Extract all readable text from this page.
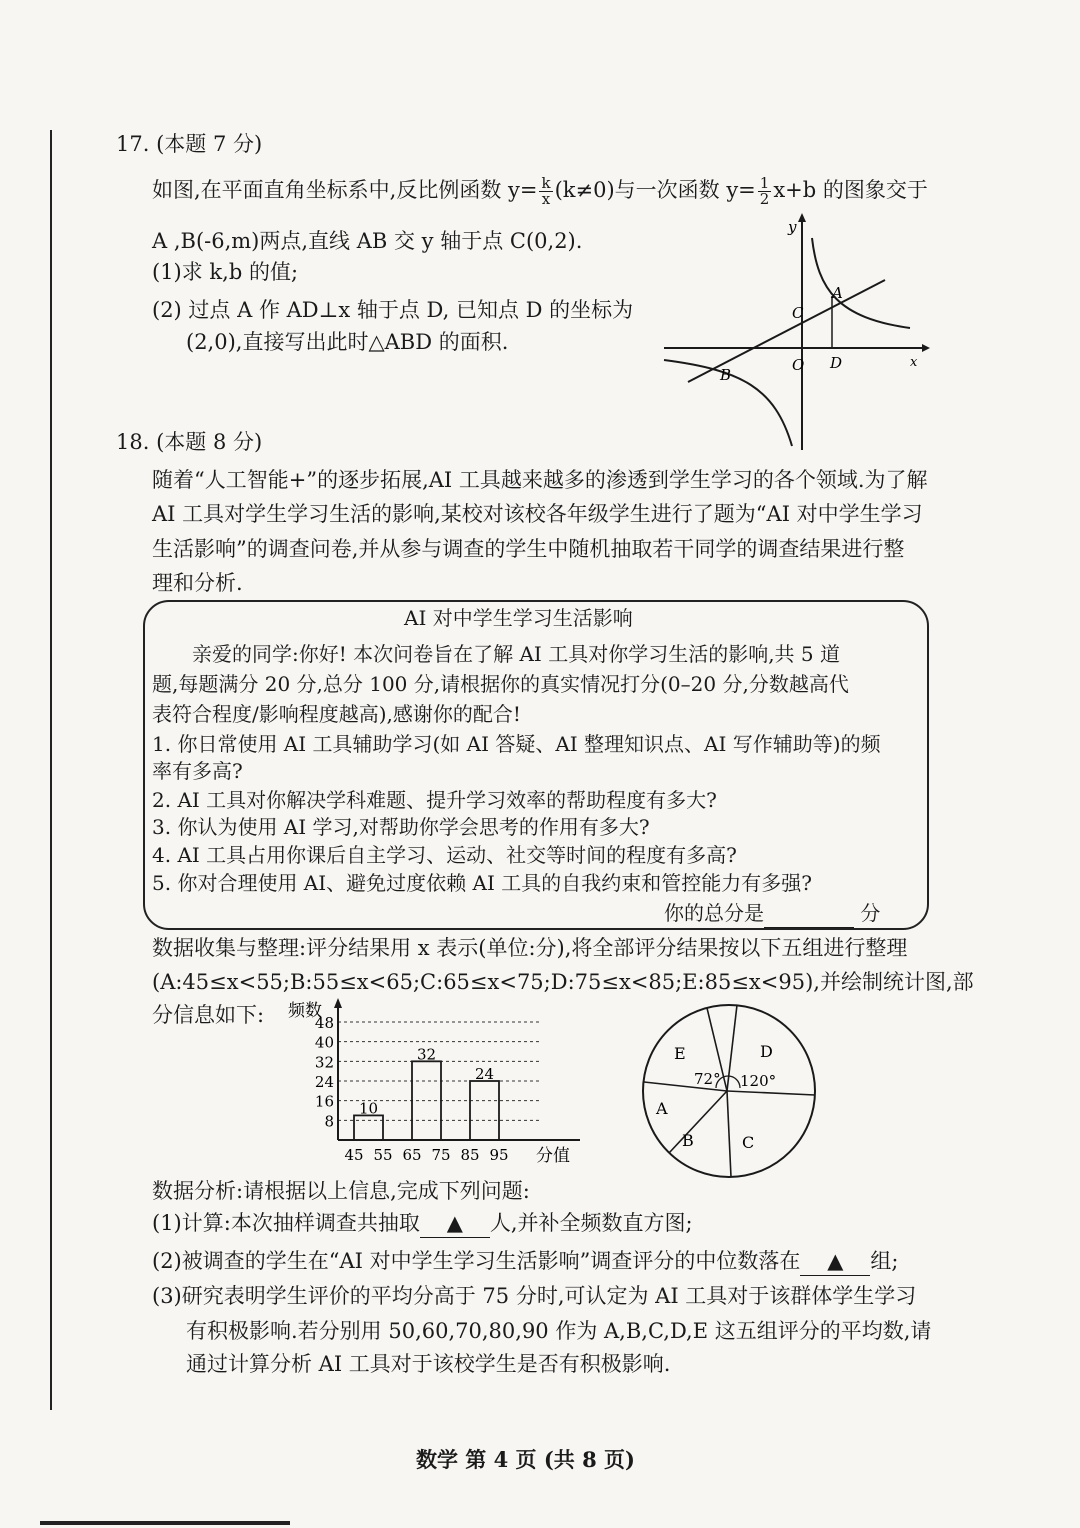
17. (本题 7 分)
如图,在平面直角坐标系中,反比例函数 $y= \frac{k}{x} (k\ne 0)$与一次函数 $y= \frac{1}{2} x+b$ 的图象交于
A ,B(-6,m)两点,直线 AB 交 y 轴于点 C(0,2).
(1)求 k,b 的值;
(2) 过点 A 作 AD⊥x 轴于点 D, 已知点 D 的坐标为
(2,0),直接写出此时△ABD 的面积.
y
x
O
A
B
C
D
18. (本题 8 分)
随着“人工智能+”的逐步拓展,AI 工具越来越多的渗透到学生学习的各个领域.为了解
AI 工具对学生学习生活的影响,某校对该校各年级学生进行了题为“AI 对中学生学习
生活影响”的调查问卷,并从参与调查的学生中随机抽取若干同学的调查结果进行整
理和分析.
AI 对中学生学习生活影响
亲爱的同学:你好! 本次问卷旨在了解 AI 工具对你学习生活的影响,共 5 道
题,每题满分 20 分,总分 100 分,请根据你的真实情况打分(0–20 分,分数越高代
表符合程度/影响程度越高),感谢你的配合!
1. 你日常使用 AI 工具辅助学习(如 AI 答疑、AI 整理知识点、AI 写作辅助等)的频
率有多高?
2. AI 工具对你解决学科难题、提升学习效率的帮助程度有多大?
3. 你认为使用 AI 学习,对帮助你学会思考的作用有多大?
4. AI 工具占用你课后自主学习、运动、社交等时间的程度有多高?
5. 你对合理使用 AI、避免过度依赖 AI 工具的自我约束和管控能力有多强?
你的总分是	分
数据收集与整理:评分结果用 x 表示(单位:分),将全部评分结果按以下五组进行整理
(A:45≤x<55;B:55≤x<65;C:65≤x<75;D:75≤x<85;E:85≤x<95),并绘制统计图,部
分信息如下:
8
16
24
32
40
48
45 55 65 75 85 95
10
32
24
频数
分值
E	D
A
B	C
72° 120°
数据分析:请根据以上信息,完成下列问题:
(1)计算:本次抽样调查共抽取 ▲ 人,并补全频数直方图;
(2)被调查的学生在“AI 对中学生学习生活影响”调查评分的中位数落在 ▲ 组;
(3)研究表明学生评价的平均分高于 75 分时,可认定为 AI 工具对于该群体学生学习
有积极影响.若分别用 50,60,70,80,90 作为 A,B,C,D,E 这五组评分的平均数,请
通过计算分析 AI 工具对于该校学生是否有积极影响.
数学 第 4 页 (共 8 页)
